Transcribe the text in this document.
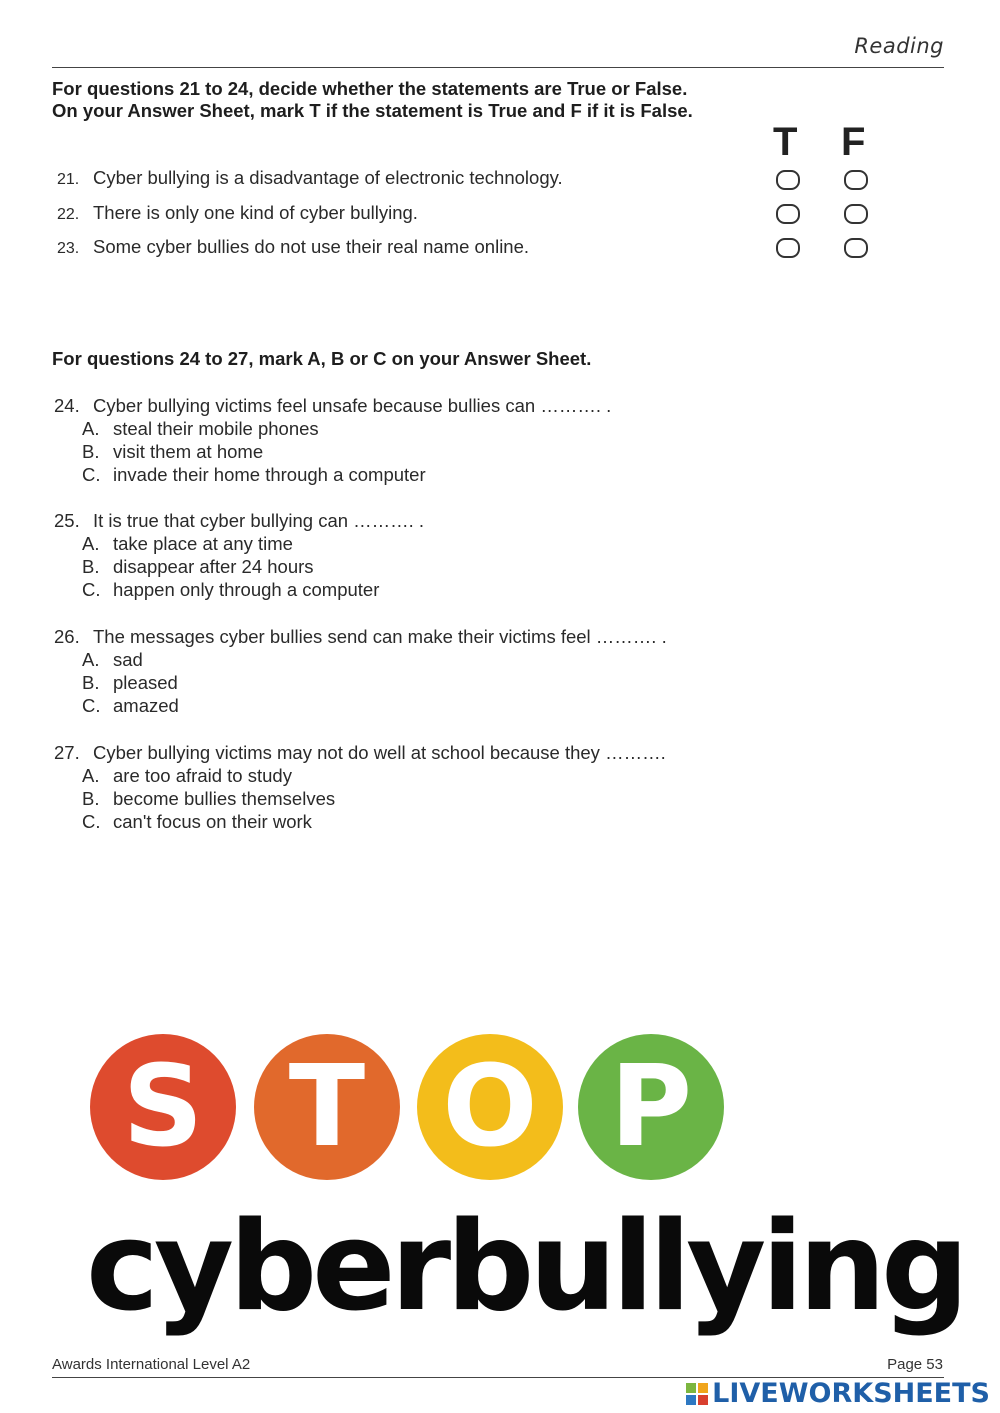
Reading
For questions 21 to 24, decide whether the statements are True or False.
On your Answer Sheet, mark T if the statement is True and F if it is False.
T F
21. Cyber bullying is a disadvantage of electronic technology.
22. There is only one kind of cyber bullying.
23. Some cyber bullies do not use their real name online.
For questions 24 to 27, mark A, B or C on your Answer Sheet.
24. Cyber bullying victims feel unsafe because bullies can ………. .
A. steal their mobile phones
B. visit them at home
C. invade their home through a computer
25. It is true that cyber bullying can ………. .
A. take place at any time
B. disappear after 24 hours
C. happen only through a computer
26. The messages cyber bullies send can make their victims feel ………. .
A. sad
B. pleased
C. amazed
27. Cyber bullying victims may not do well at school because they ……….
A. are too afraid to study
B. become bullies themselves
C. can't focus on their work
S T O P
cyberbullying
Awards International Level A2	Page 53
LIVEWORKSHEETS
